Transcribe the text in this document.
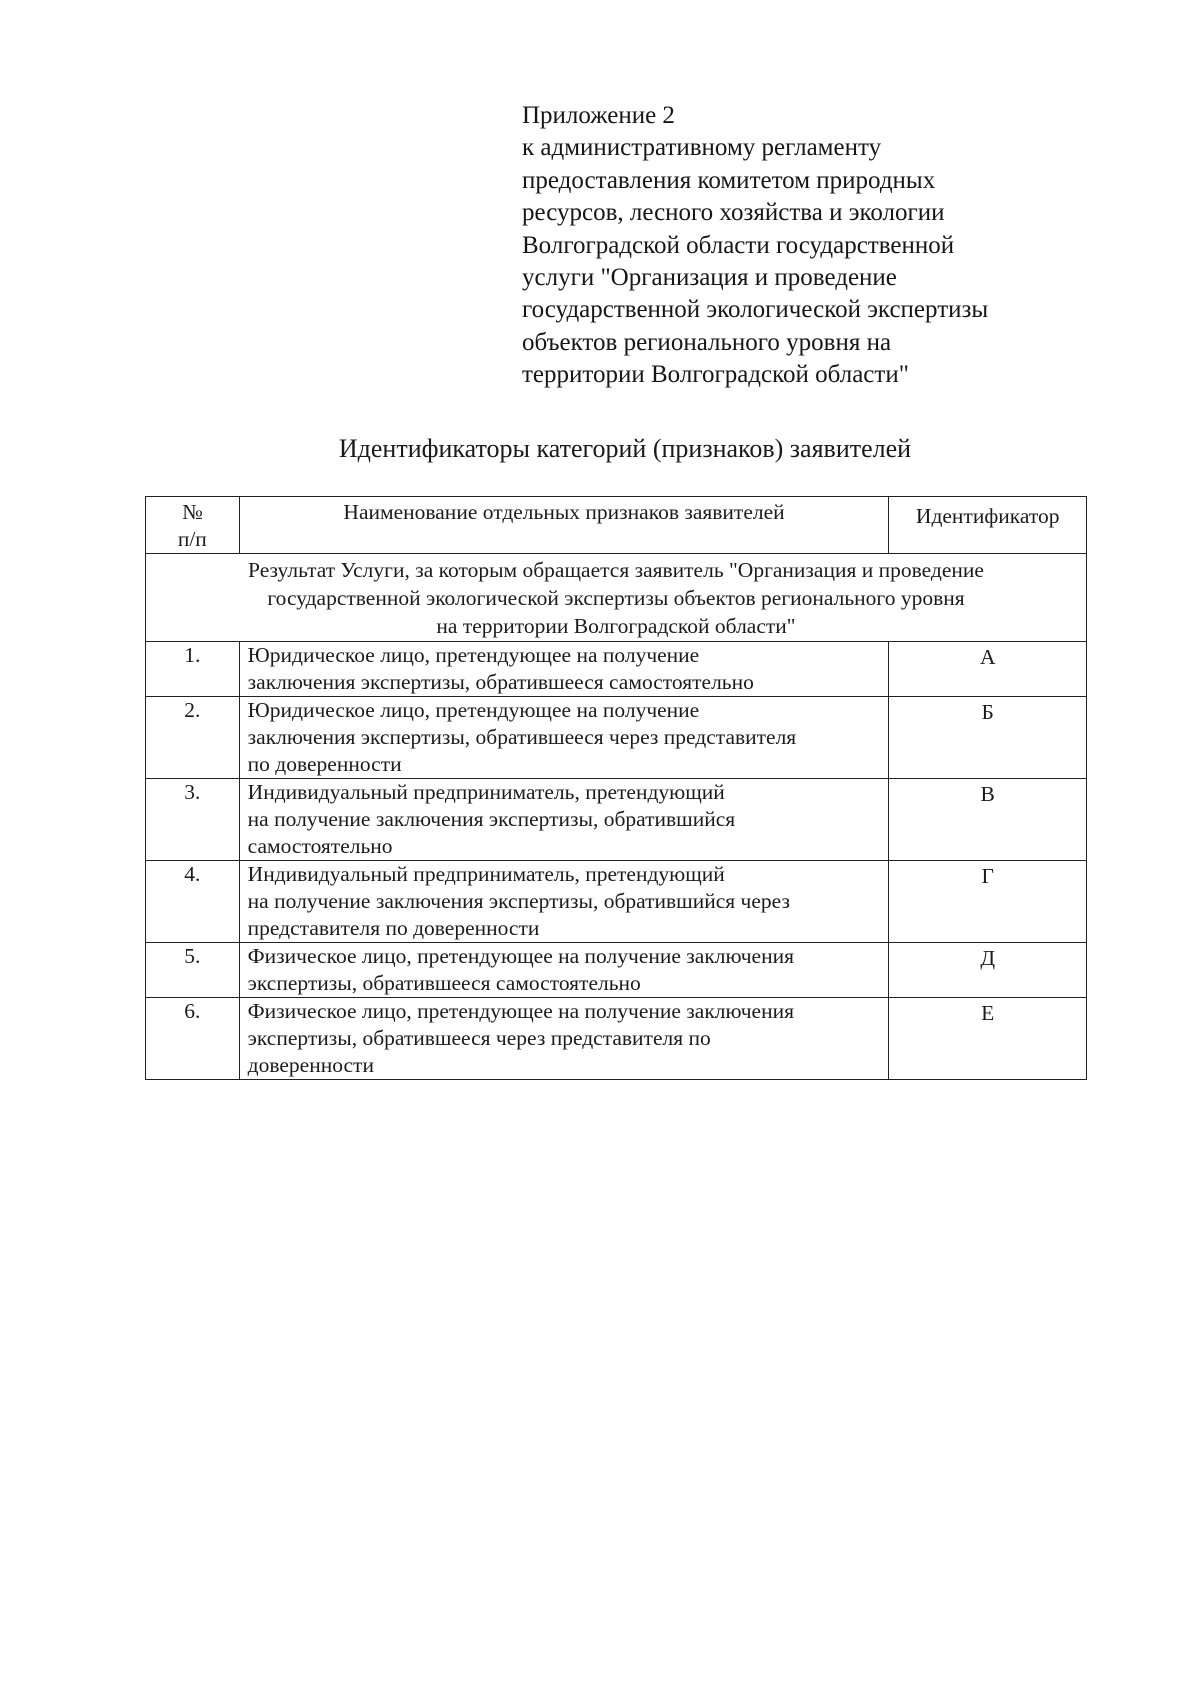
Приложение 2
к административному регламенту
предоставления комитетом природных
ресурсов, лесного хозяйства и экологии
Волгоградской области государственной
услуги "Организация и проведение
государственной экологической экспертизы
объектов регионального уровня на
территории Волгоградской области"
Идентификаторы категорий (признаков) заявителей
№
п/п	Наименование отдельных признаков заявителей	Идентификатор

Результат Услуги, за которым обращается заявитель "Организация и проведение
государственной экологической экспертизы объектов регионального уровня
на территории Волгоградской области"		

1.	Юридическое лицо, претендующее на получение
заключения экспертизы, обратившееся самостоятельно	А

2.	Юридическое лицо, претендующее на получение
заключения экспертизы, обратившееся через представителя
по доверенности	Б

3.	Индивидуальный предприниматель, претендующий
на получение заключения экспертизы, обратившийся
самостоятельно	В

4.	Индивидуальный предприниматель, претендующий
на получение заключения экспертизы, обратившийся через
представителя по доверенности	Г

5.	Физическое лицо, претендующее на получение заключения
экспертизы, обратившееся самостоятельно	Д

6.	Физическое лицо, претендующее на получение заключения
экспертизы, обратившееся через представителя по
доверенности	Е
